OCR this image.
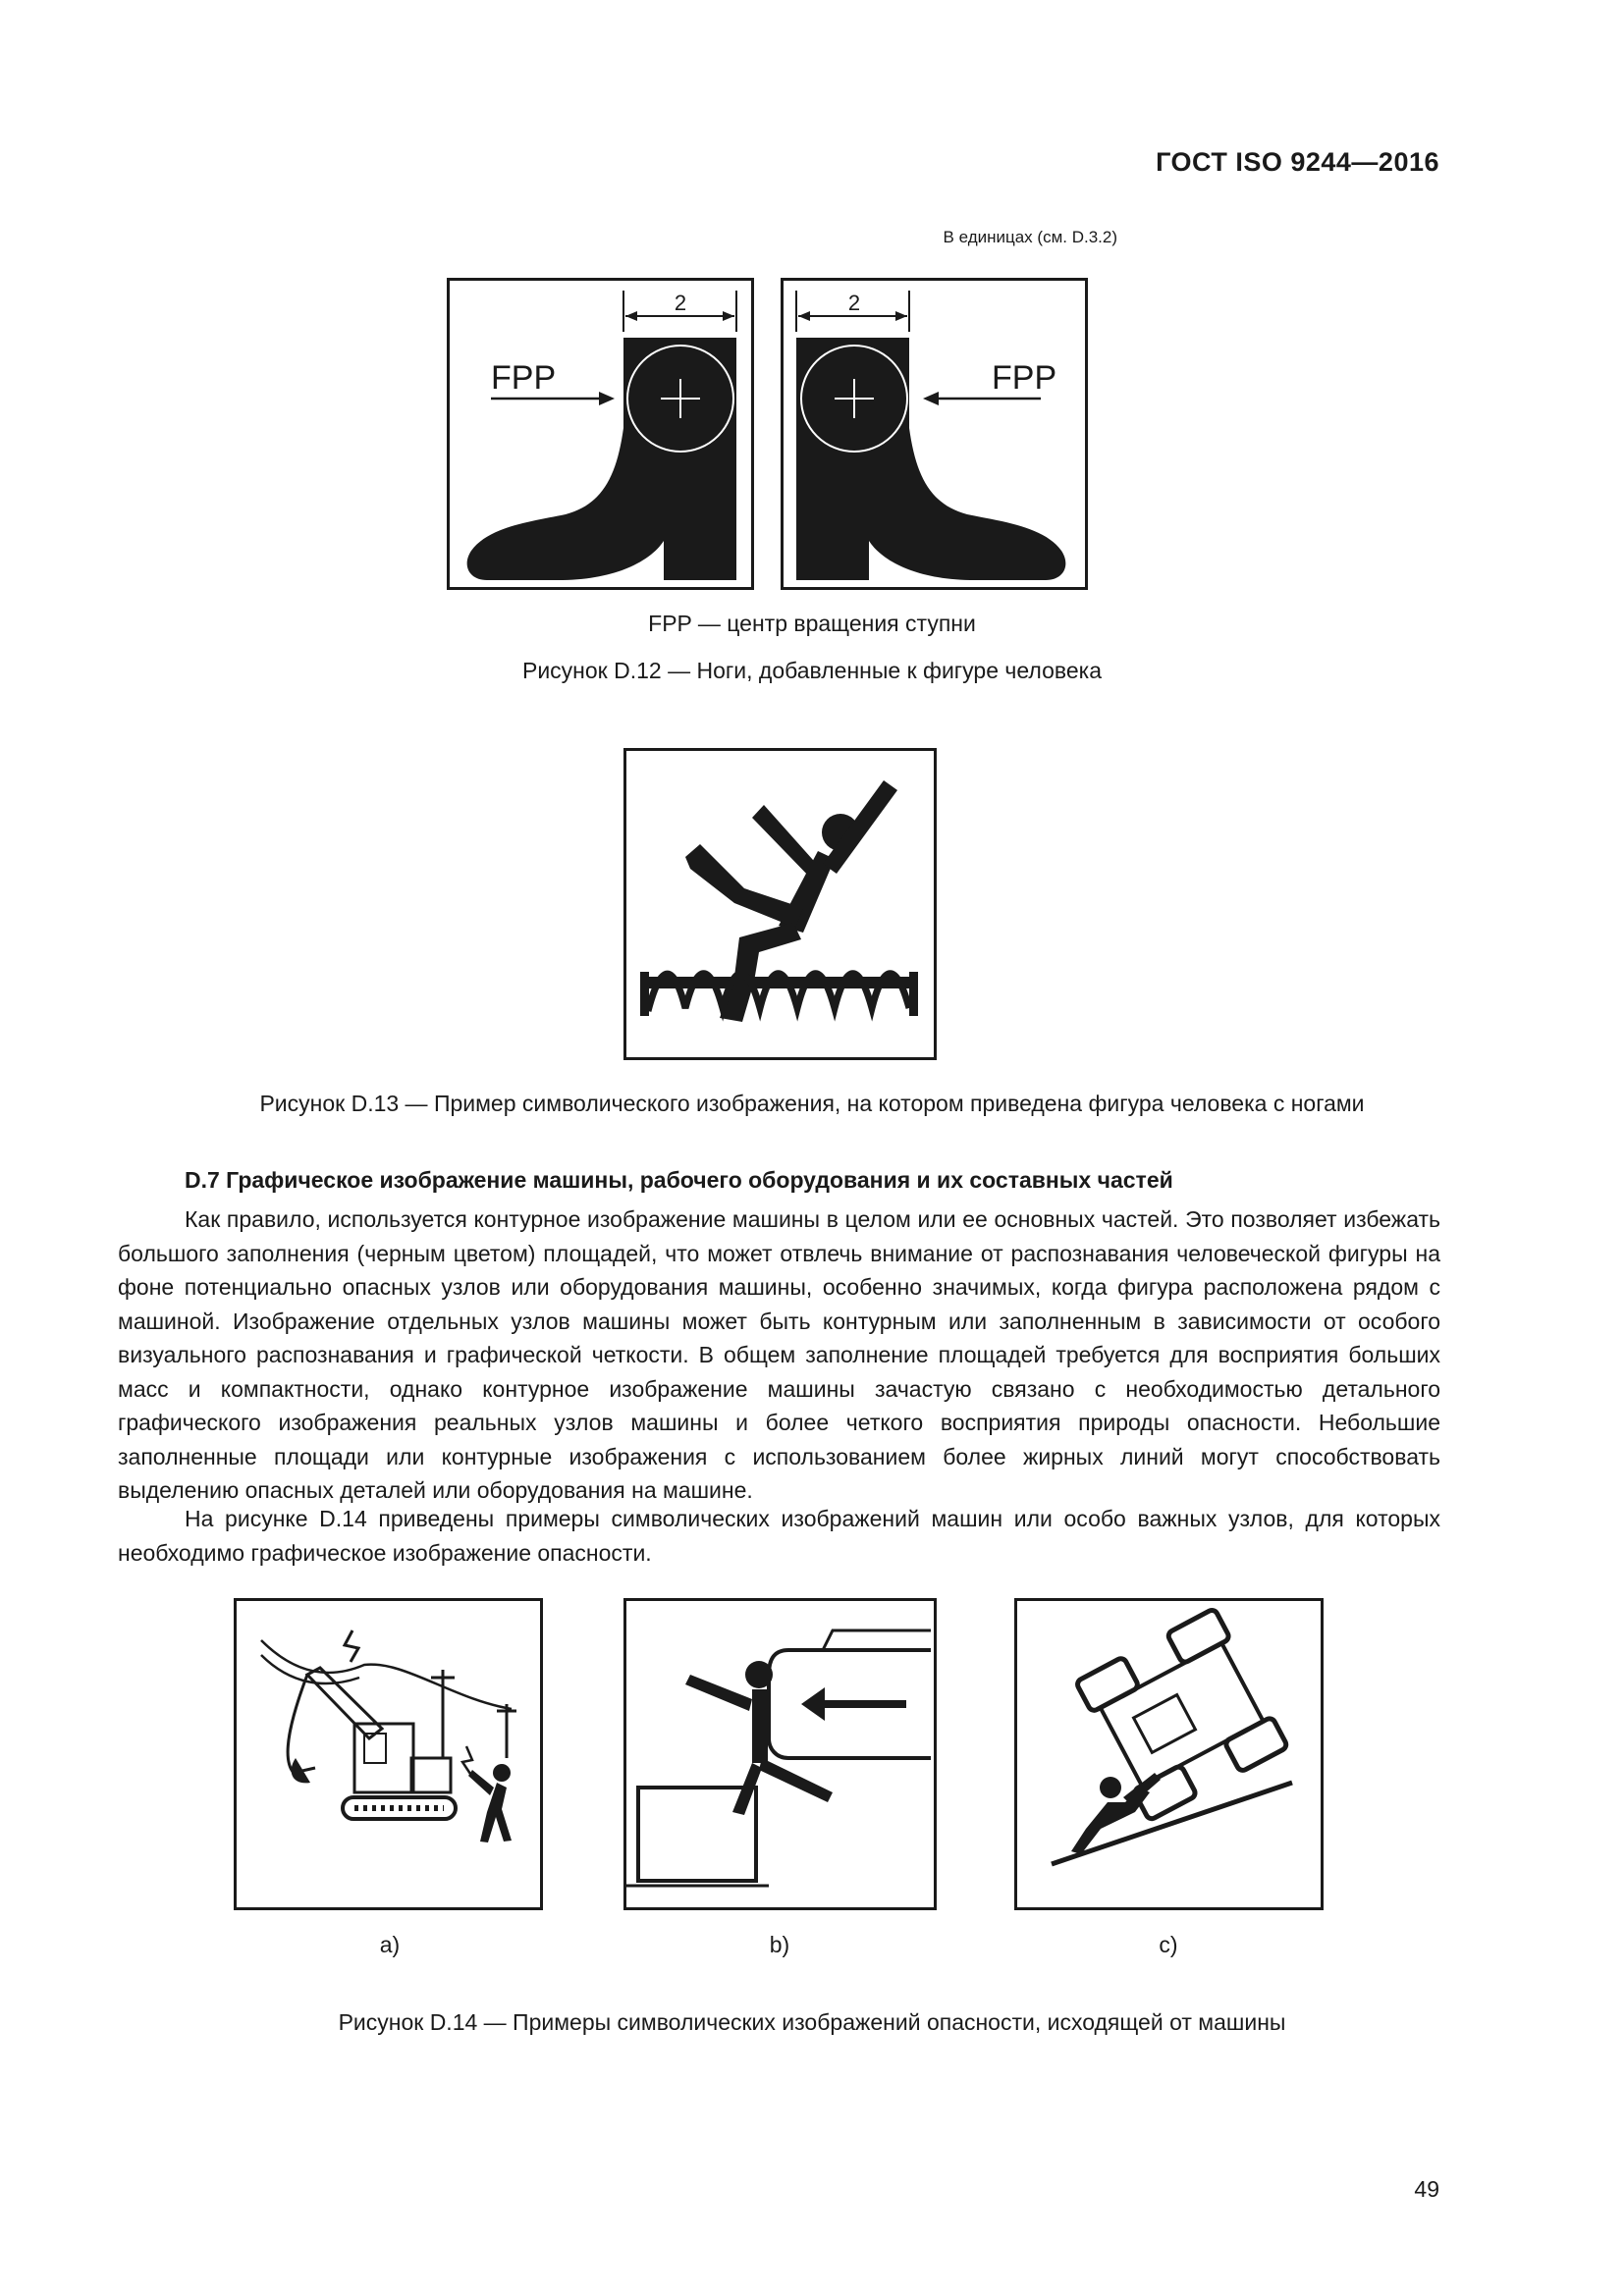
ГОСТ ISO 9244—2016
В единицах (см. D.3.2)
2
FPP
2
FPP
FPP — центр вращения ступни
Рисунок D.12 — Ноги, добавленные к фигуре человека
Рисунок D.13 — Пример символического изображения, на котором приведена фигура человека с ногами
D.7 Графическое изображение машины, рабочего оборудования и их составных частей

Как правило, используется контурное изображение машины в целом или ее основных частей. Это позволяет избежать большого заполнения (черным цветом) площадей, что может отвлечь внимание от распознавания человеческой фигуры на фоне потенциально опасных узлов или оборудования машины, особенно значимых, когда фигура расположена рядом с машиной. Изображение отдельных узлов машины может быть контурным или заполненным в зависимости от особого визуального распознавания и графической четкости. В общем заполнение площадей требуется для восприятия больших масс и компактности, однако контурное изображение машины зачастую связано с необходимостью детального графического изображения реальных узлов машины и более четкого восприятия природы опасности. Небольшие заполненные площади или контурные изображения с использованием более жирных линий могут способствовать выделению опасных деталей или оборудования на машине.

На рисунке D.14 приведены примеры символических изображений машин или особо важных узлов, для которых необходимо графическое изображение опасности.

a)	b)	c)
Рисунок D.14 — Примеры символических изображений опасности, исходящей от машины
49
